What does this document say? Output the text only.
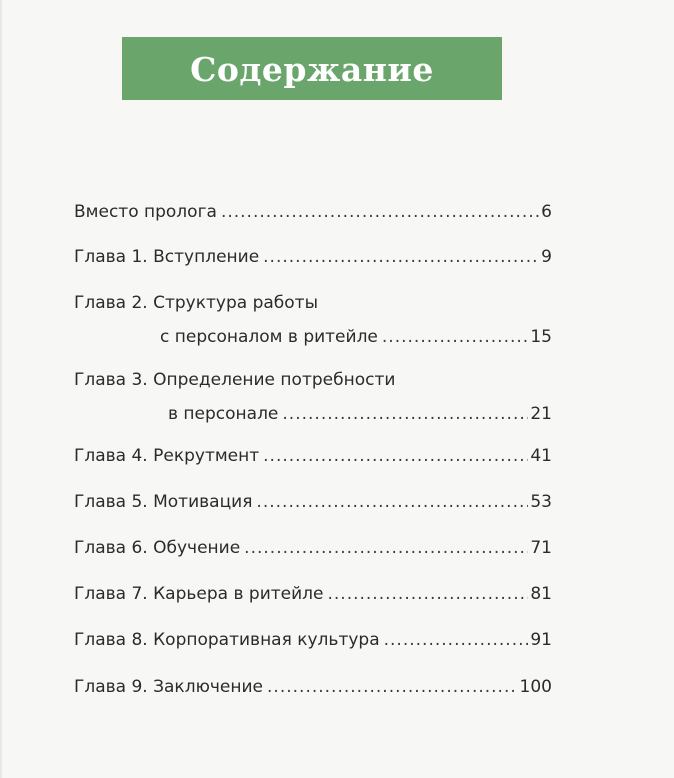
Содержание
Вместо пролога .....	6
Глава 1. Вступление .....	9
Глава 2. Структура работы
с персоналом в ритейле .....	15
Глава 3. Определение потребности
в персонале .....	21
Глава 4. Рекрутмент .....	41
Глава 5. Мотивация .....	53
Глава 6. Обучение .....	71
Глава 7. Карьера в ритейле .....	81
Глава 8. Корпоративная культура .....	91
Глава 9. Заключение .....	100
